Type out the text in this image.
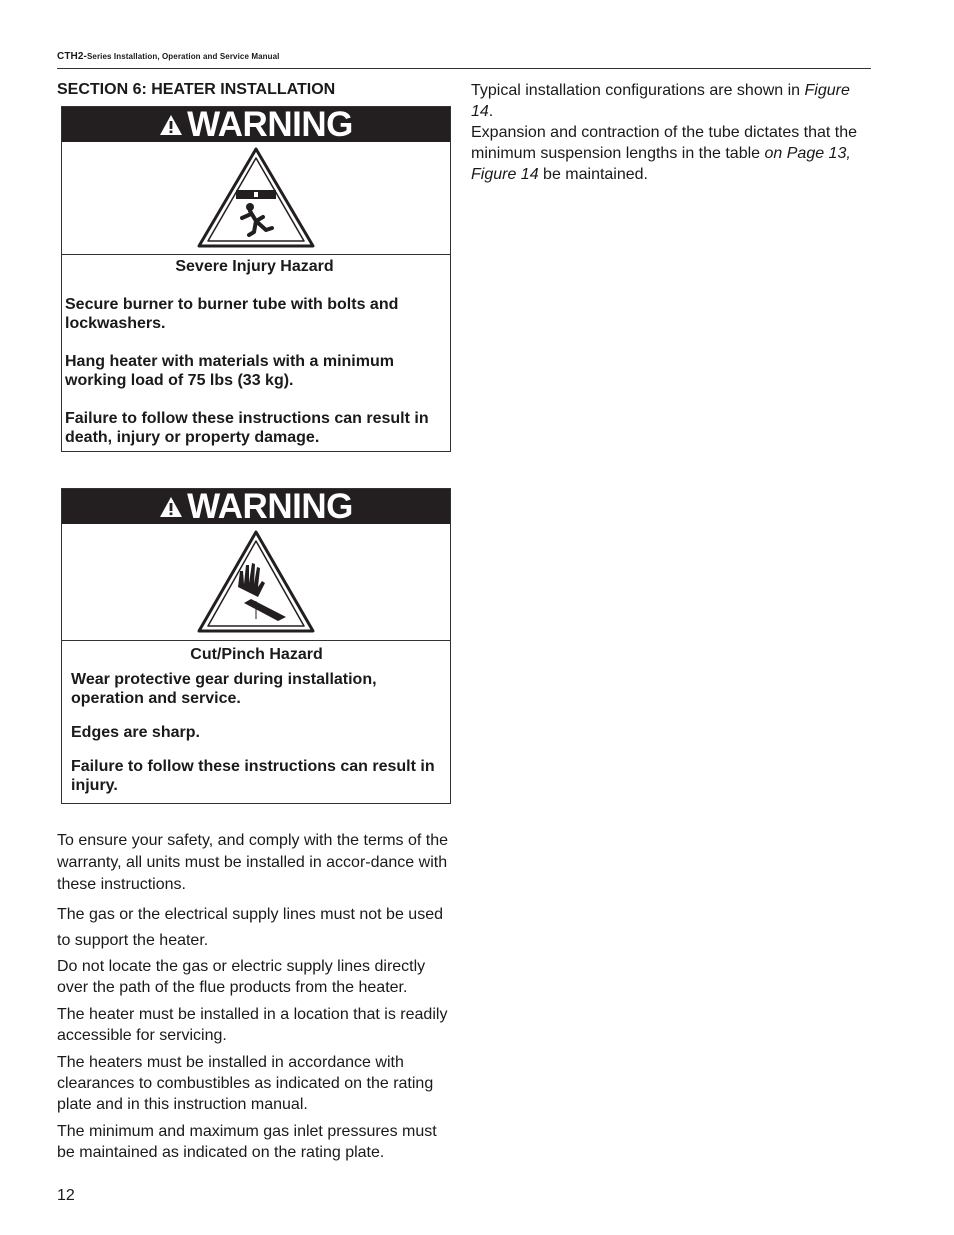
CTH2-Series Installation, Operation and Service Manual
SECTION 6: HEATER INSTALLATION
WARNING
Severe Injury Hazard

Secure burner to burner tube with bolts and lockwashers.

Hang heater with materials with a minimum working load of 75 lbs (33 kg).

Failure to follow these instructions can result in death, injury or property damage.

WARNING
Cut/Pinch Hazard

Wear protective gear during installation, operation and service.

Edges are sharp.

Failure to follow these instructions can result in injury.

To ensure your safety, and comply with the terms of the warranty, all units must be installed in accor-dance with these instructions.

The gas or the electrical supply lines must not be used to support the heater.

Do not locate the gas or electric supply lines directly over the path of the flue products from the heater.

The heater must be installed in a location that is readily accessible for servicing.

The heaters must be installed in accordance with clearances to combustibles as indicated on the rating plate and in this instruction manual.

The minimum and maximum gas inlet pressures must be maintained as indicated on the rating plate.

Typical installation configurations are shown in Figure 14.

Expansion and contraction of the tube dictates that the minimum suspension lengths in the table on Page 13, Figure 14 be maintained.

12
